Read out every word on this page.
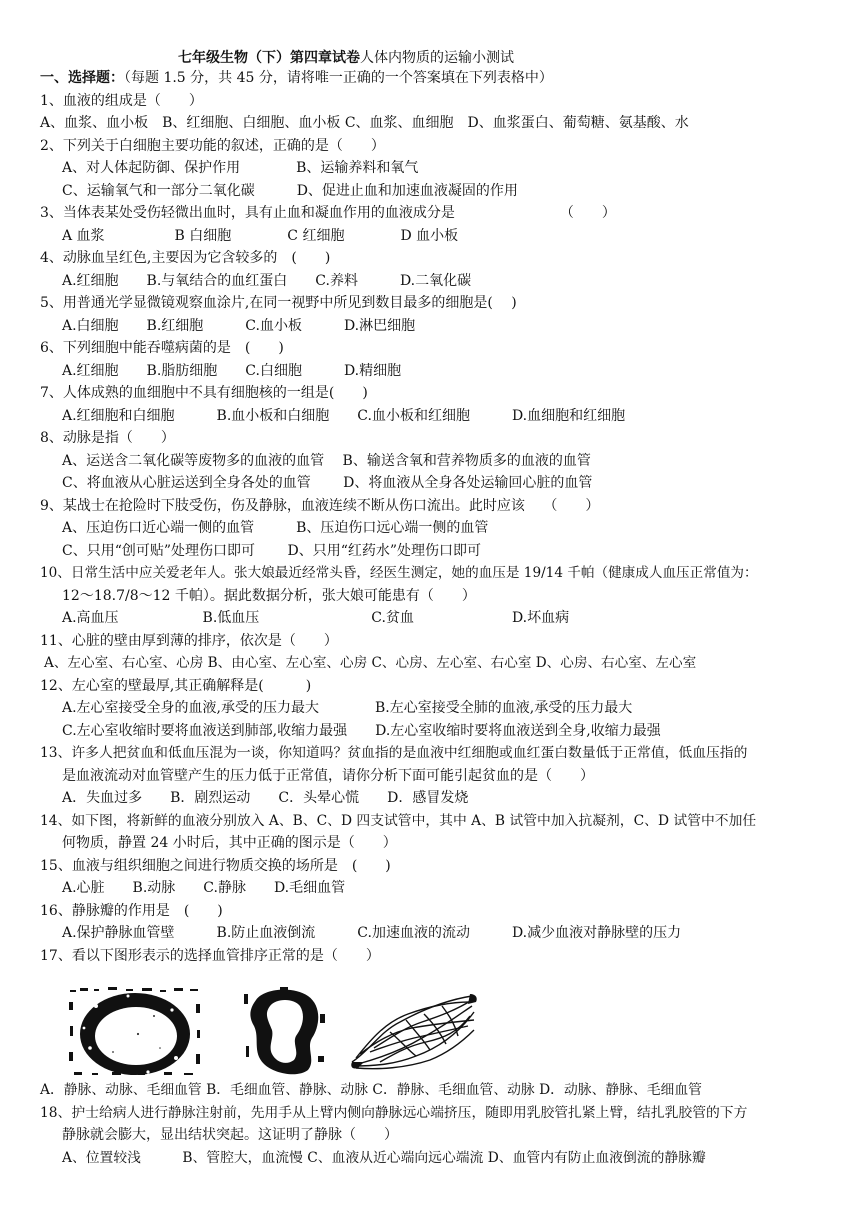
七年级生物（下）第四章试卷人体内物质的运输小测试
一、选择题：（每题 1.5 分，共 45 分，请将唯一正确的一个答案填在下列表格中）
1、血液的组成是（　　）
A、血浆、血小板　B、红细胞、白细胞、血小板 C、血浆、血细胞　D、血浆蛋白、葡萄糖、氨基酸、水
2、下列关于白细胞主要功能的叙述，正确的是（　　）
A、对人体起防御、保护作用　　　　B、运输养料和氧气
C、运输氧气和一部分二氧化碳　　　D、促进止血和加速血液凝固的作用
3、当体表某处受伤轻微出血时，具有止血和凝血作用的血液成分是　　　　　　　　（　　）
A 血浆　　　　　B 白细胞　　　　C 红细胞　　　　D 血小板
4、动脉血呈红色,主要因为它含较多的　(　　)
A.红细胞　　B.与氧结合的血红蛋白　　C.养料　　　D.二氧化碳
5、用普通光学显微镜观察血涂片,在同一视野中所见到数目最多的细胞是(　 )
A.白细胞　　B.红细胞　　　C.血小板　　　D.淋巴细胞
6、下列细胞中能吞噬病菌的是　(　　)
A.红细胞　　B.脂肪细胞　　C.白细胞　　　D.精细胞
7、人体成熟的血细胞中不具有细胞核的一组是(　　)
A.红细胞和白细胞　　　B.血小板和白细胞　　C.血小板和红细胞　　　D.血细胞和红细胞
8、动脉是指（　　）
A、运送含二氧化碳等废物多的血液的血管　 B、输送含氧和营养物质多的血液的血管
C、将血液从心脏运送到全身各处的血管　　 D、将血液从全身各处运输回心脏的血管
9、某战士在抢险时下肢受伤，伤及静脉，血液连续不断从伤口流出。此时应该　 （　　）
A、压迫伤口近心端一侧的血管　　　B、压迫伤口远心端一侧的血管
C、只用“创可贴”处理伤口即可　　 D、只用“红药水”处理伤口即可
10、日常生活中应关爱老年人。张大娘最近经常头昏，经医生测定，她的血压是 19/14 千帕（健康成人血压正常值为：
12～18.7/8～12 千帕）。据此数据分析，张大娘可能患有（　　）
A.高血压　　　　　　B.低血压　　　　　　　　C.贫血　　　　　　　D.坏血病
11、心脏的壁由厚到薄的排序，依次是（　　）
A、左心室、右心室、心房 B、由心室、左心室、心房 C、心房、左心室、右心室 D、心房、右心室、左心室
12、左心室的壁最厚,其正确解释是(　　　)
A.左心室接受全身的血液,承受的压力最大　　　　B.左心室接受全肺的血液,承受的压力最大
C.左心室收缩时要将血液送到肺部,收缩力最强　　D.左心室收缩时要将血液送到全身,收缩力最强
13、许多人把贫血和低血压混为一谈，你知道吗？贫血指的是血液中红细胞或血红蛋白数量低于正常值，低血压指的
是血液流动对血管壁产生的压力低于正常值，请你分析下面可能引起贫血的是（　　）
A．失血过多　　B．剧烈运动　　C．头晕心慌　　D．感冒发烧
14、如下图，将新鲜的血液分别放入 A、B、C、D 四支试管中，其中 A、B 试管中加入抗凝剂，C、D 试管中不加任
何物质，静置 24 小时后，其中正确的图示是（　　）
15、血液与组织细胞之间进行物质交换的场所是　(　　)
A.心脏　　B.动脉　　C.静脉　　D.毛细血管
16、静脉瓣的作用是　(　　)
A.保护静脉血管壁　　　B.防止血液倒流　　　C.加速血液的流动　　　D.减少血液对静脉壁的压力
17、看以下图形表示的选择血管排序正常的是（　　）
A．静脉、动脉、毛细血管 B．毛细血管、静脉、动脉 C．静脉、毛细血管、动脉 D．动脉、静脉、毛细血管
18、护士给病人进行静脉注射前，先用手从上臂内侧向静脉远心端挤压，随即用乳胶管扎紧上臂，结扎乳胶管的下方
静脉就会膨大，显出结状突起。这证明了静脉（　　）
A、位置较浅　　　B、管腔大，血流慢 C、血液从近心端向远心端流 D、血管内有防止血液倒流的静脉瓣
